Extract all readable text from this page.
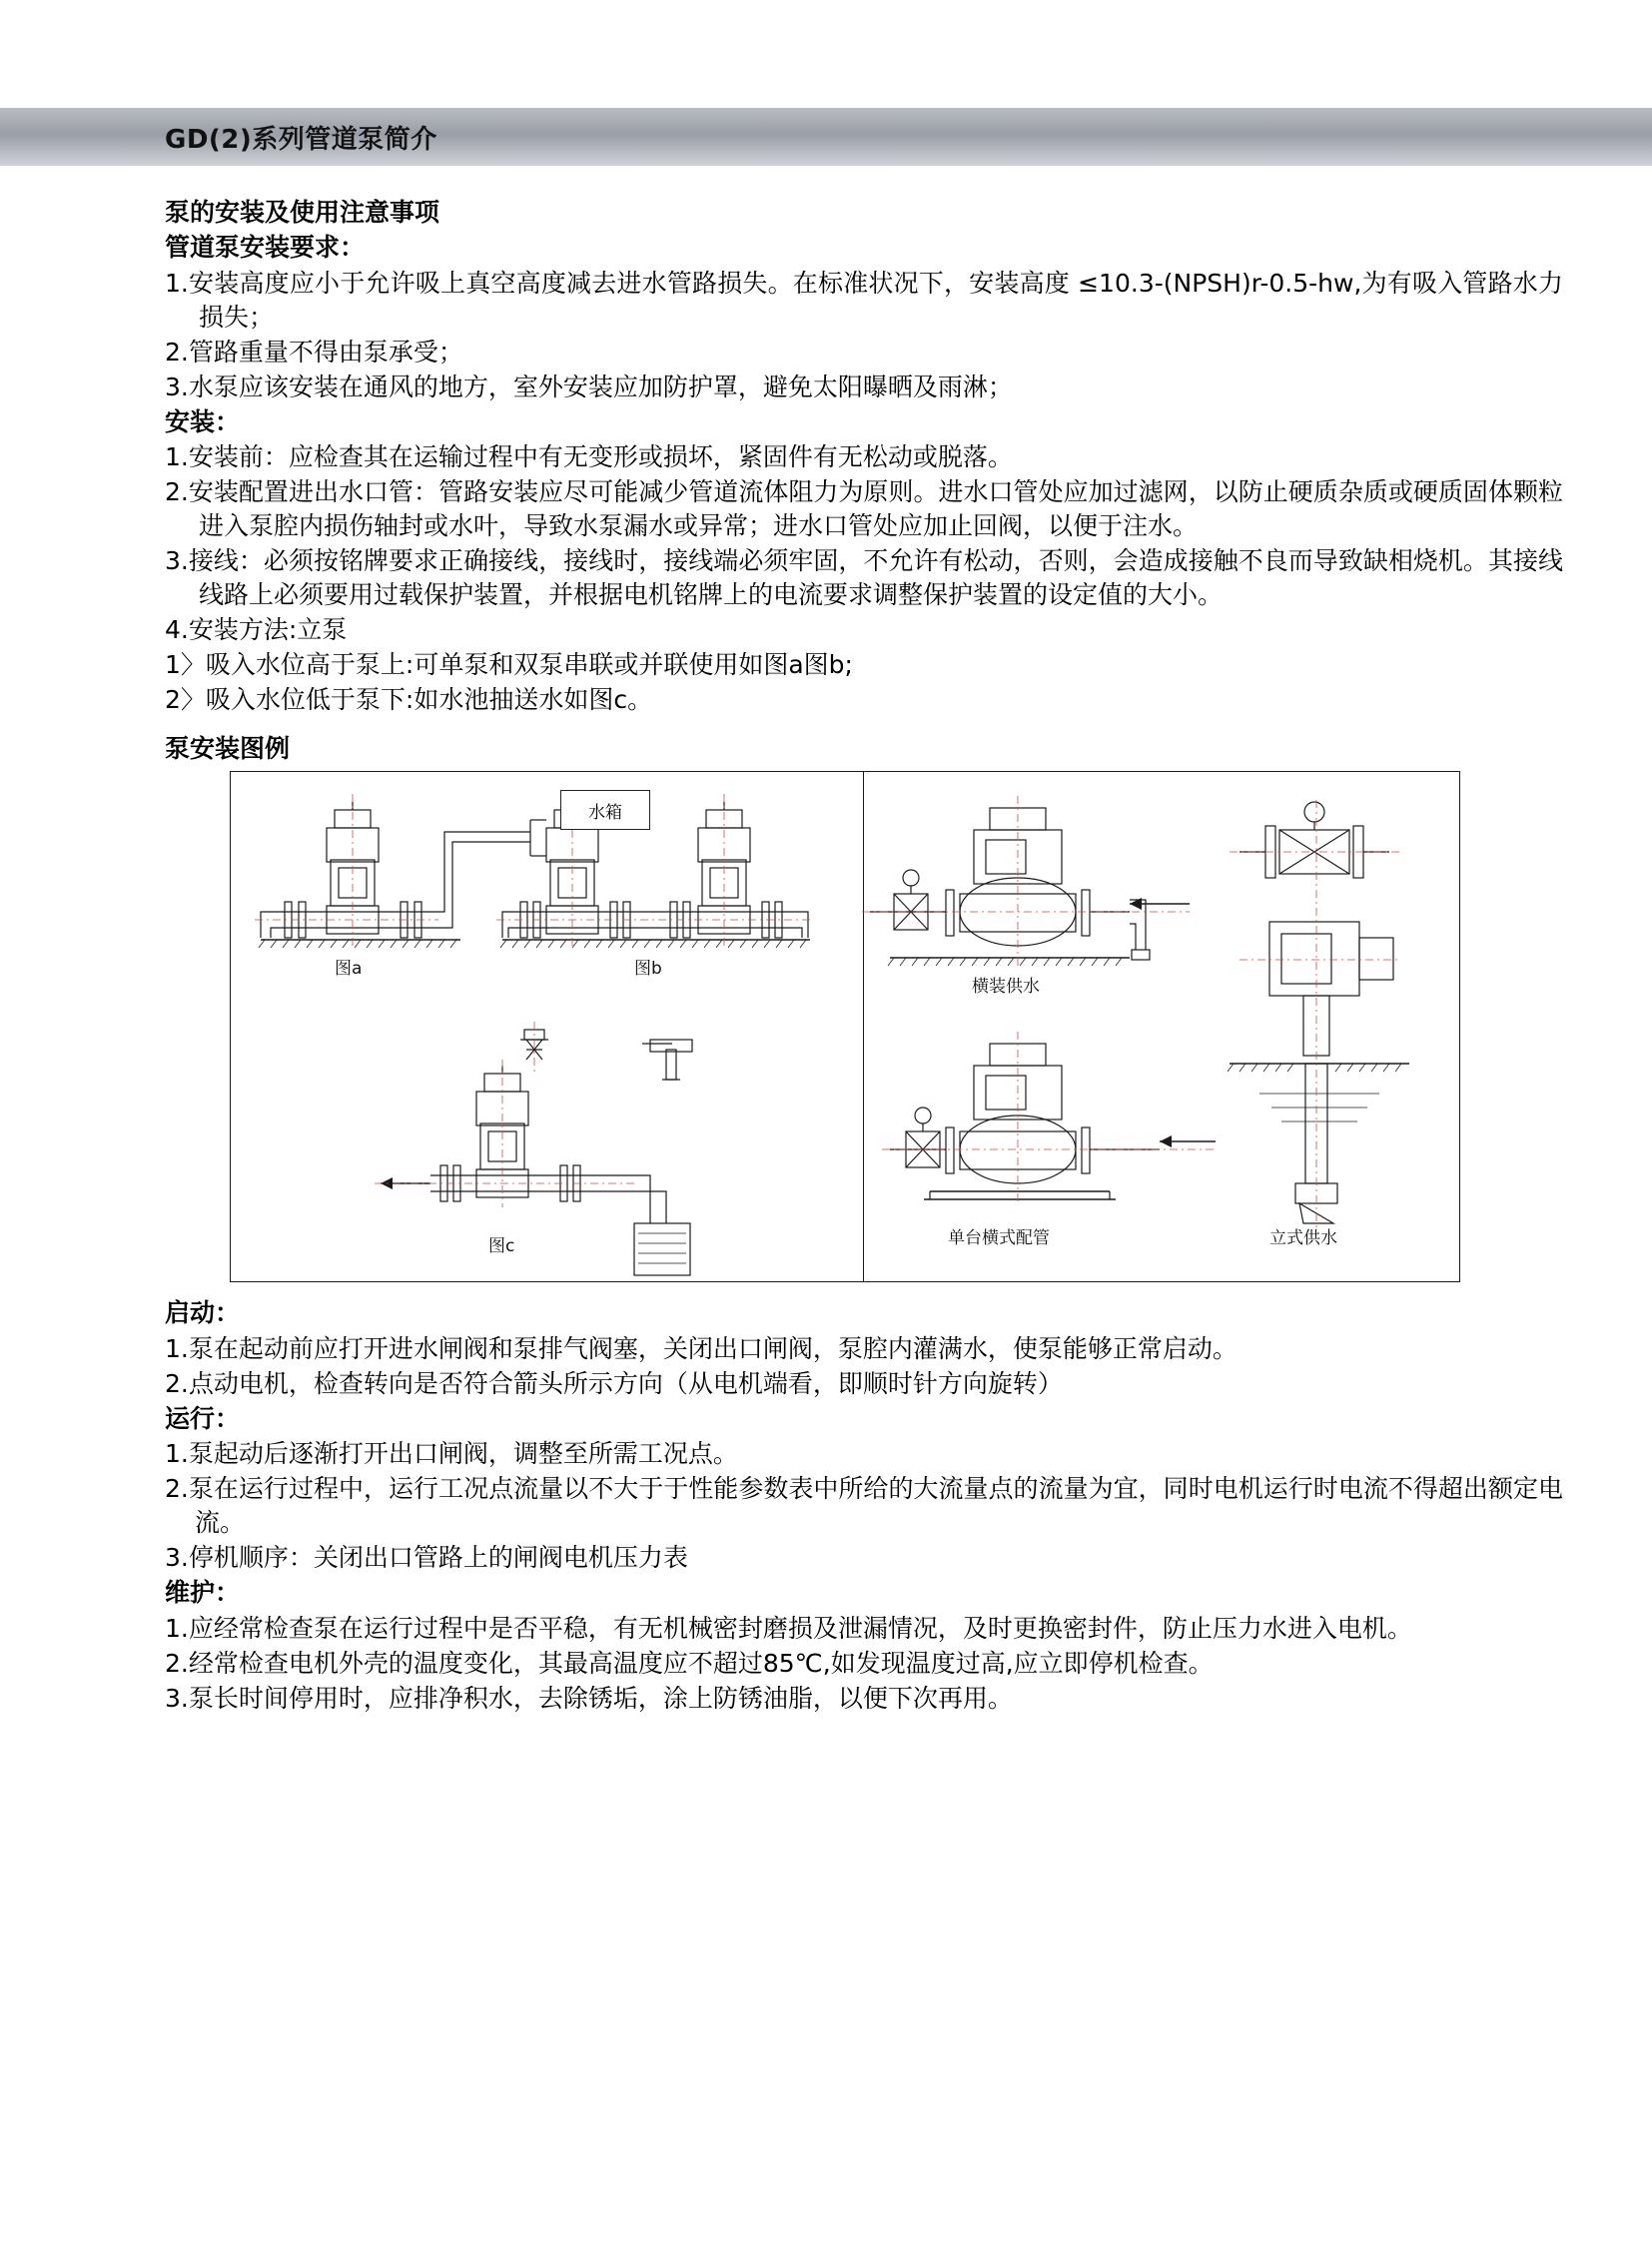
GD(2)系列管道泵简介
泵的安装及使用注意事项
管道泵安装要求：

1.安装高度应小于允许吸上真空高度减去进水管路损失。在标准状况下，安装高度 ≤10.3-(NPSH)r-0.5-hw,为有吸入管路水力损失；

2.管路重量不得由泵承受；

3.水泵应该安装在通风的地方，室外安装应加防护罩，避免太阳曝晒及雨淋；

安装：

1.安装前：应检查其在运输过程中有无变形或损坏，紧固件有无松动或脱落。

2.安装配置进出水口管：管路安装应尽可能减少管道流体阻力为原则。进水口管处应加过滤网，以防止硬质杂质或硬质固体颗粒进入泵腔内损伤轴封或水叶，导致水泵漏水或异常；进水口管处应加止回阀，以便于注水。

3.接线：必须按铭牌要求正确接线，接线时，接线端必须牢固，不允许有松动，否则，会造成接触不良而导致缺相烧机。其接线线路上必须要用过载保护装置，并根据电机铭牌上的电流要求调整保护装置的设定值的大小。

4.安装方法:立泵

1〉吸入水位高于泵上:可单泵和双泵串联或并联使用如图a图b;

2〉吸入水位低于泵下:如水池抽送水如图c。

泵安装图例
水箱
图a	图b
图c
横装供水
单台横式配管	立式供水
启动：

1.泵在起动前应打开进水闸阀和泵排气阀塞，关闭出口闸阀，泵腔内灌满水，使泵能够正常启动。

2.点动电机，检查转向是否符合箭头所示方向（从电机端看，即顺时针方向旋转）

运行：

1.泵起动后逐渐打开出口闸阀，调整至所需工况点。

2.泵在运行过程中，运行工况点流量以不大于于性能参数表中所给的大流量点的流量为宜，同时电机运行时电流不得超出额定电流。

3.停机顺序：关闭出口管路上的闸阀电机压力表

维护：

1.应经常检查泵在运行过程中是否平稳，有无机械密封磨损及泄漏情况，及时更换密封件，防止压力水进入电机。

2.经常检查电机外壳的温度变化，其最高温度应不超过85℃,如发现温度过高,应立即停机检查。

3.泵长时间停用时，应排净积水，去除锈垢，涂上防锈油脂，以便下次再用。
